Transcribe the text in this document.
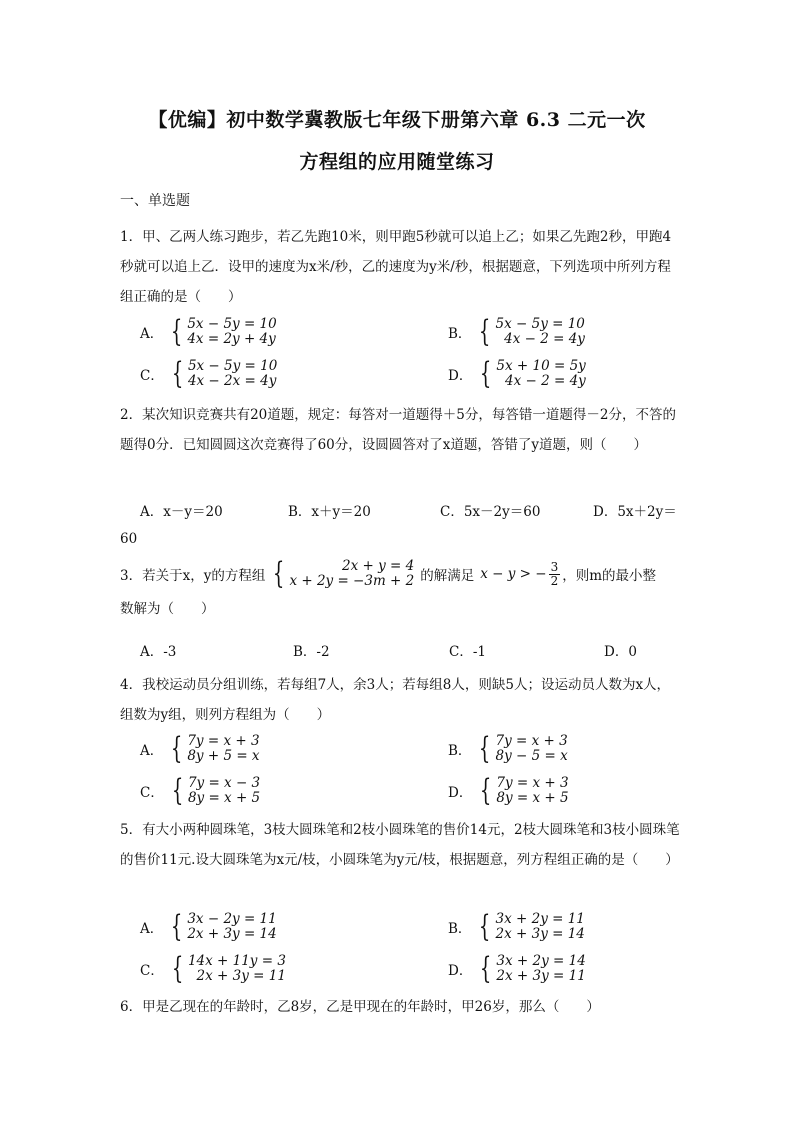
【优编】初中数学冀教版七年级下册第六章 6.3 二元一次
方程组的应用随堂练习
一、单选题
1．甲、乙两人练习跑步，若乙先跑10米，则甲跑5秒就可以追上乙；如果乙先跑2秒，甲跑4秒就可以追上乙．设甲的速度为x米/秒，乙的速度为y米/秒，根据题意，下列选项中所列方程组正确的是（　　）
A． { 5x − 5y = 10
4x = 2y + 4y	B． { 5x − 5y = 10
4x − 2 = 4y
C． { 5x − 5y = 10
4x − 2x = 4y	D． { 5x + 10 = 5y
4x − 2 = 4y
2．某次知识竞赛共有20道题，规定：每答对一道题得＋5分，每答错一道题得－2分，不答的题得0分．已知圆圆这次竞赛得了60分，设圆圆答对了x道题，答错了y道题，则（　　）
A．x－y＝20	B．x＋y＝20	C．5x－2y＝60	D．5x＋2y＝
60
3．若关于x，y的方程组 {	2x + y = 4
x + 2y = −3m + 2 的解满足 x − y > − $\frac{3}{2}$ ，则m的最小整
数解为（　　）
A．-3	B．-2	C．-1	D．0
4．我校运动员分组训练，若每组7人，余3人；若每组8人，则缺5人；设运动员人数为x人，组数为y组，则列方程组为（　　）
A． { 7y = x + 3
8y + 5 = x	B． { 7y = x + 3
8y − 5 = x
C． { 7y = x − 3
8y = x + 5	D． { 7y = x + 3
8y = x + 5
5．有大小两种圆珠笔，3枝大圆珠笔和2枝小圆珠笔的售价14元，2枝大圆珠笔和3枝小圆珠笔的售价11元.设大圆珠笔为x元/枝，小圆珠笔为y元/枝，根据题意，列方程组正确的是（　　）
A． { 3x − 2y = 11
2x + 3y = 14	B． { 3x + 2y = 11
2x + 3y = 14
C． { 14x + 11y = 3
2x + 3y = 11	D． { 3x + 2y = 14
2x + 3y = 11
6．甲是乙现在的年龄时，乙8岁，乙是甲现在的年龄时，甲26岁，那么（　　）
